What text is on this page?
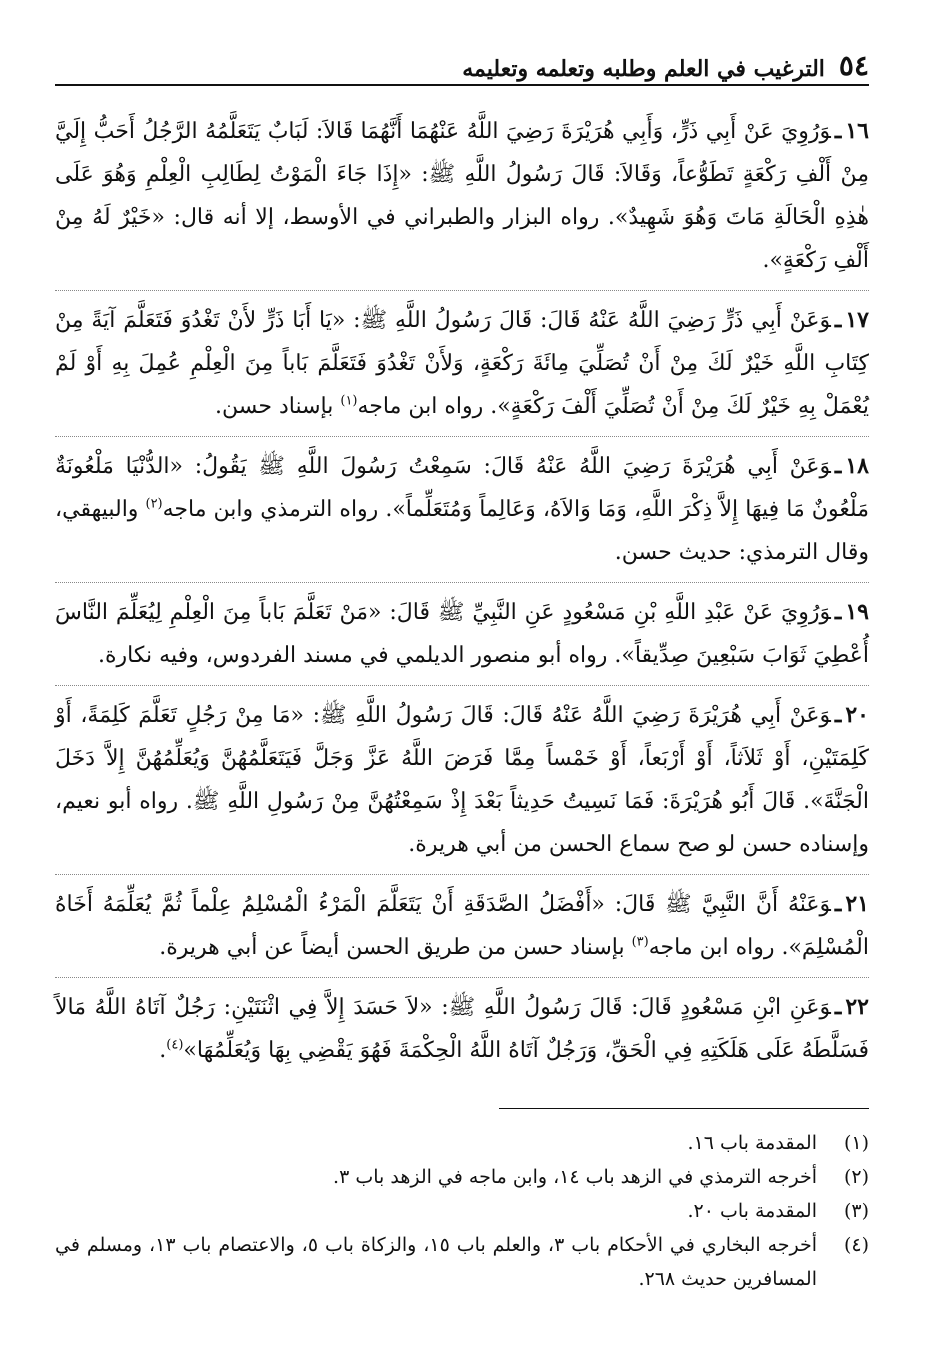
٥٤
الترغيب في العلم وطلبه وتعلمه وتعليمه

١٦ـوَرُوِيَ عَنْ أَبِي ذَرٍّ، وَأَبِي هُرَيْرَةَ رَضِيَ اللَّهُ عَنْهُمَا أَنَّهُمَا قَالاَ: لَبَابٌ يَتَعَلَّمُهُ الرَّجُلُ أَحَبُّ إِلَيَّ مِنْ أَلْفِ رَكْعَةٍ تَطَوُّعاً، وَقَالاَ: قَالَ رَسُولُ اللَّهِ ﷺ: «إِذَا جَاءَ الْمَوْتُ لِطَالِبِ الْعِلْمِ وَهُوَ عَلَى هٰذِهِ الْحَالَةِ مَاتَ وَهُوَ شَهِيدٌ». رواه البزار والطبراني في الأوسط، إلا أنه قال: «خَيْرٌ لَهُ مِنْ أَلْفِ رَكْعَةٍ».

١٧ـوَعَنْ أَبِي ذَرٍّ رَضِيَ اللَّهُ عَنْهُ قَالَ: قَالَ رَسُولُ اللَّهِ ﷺ: «يَا أَبَا ذَرٍّ لأَنْ تَغْدُوَ فَتَعَلَّمَ آيَةً مِنْ كِتَابِ اللَّهِ خَيْرٌ لَكَ مِنْ أَنْ تُصَلِّيَ مِائَةَ رَكْعَةٍ، وَلأَنْ تَغْدُوَ فَتَعَلَّمَ بَاباً مِنَ الْعِلْمِ عُمِلَ بِهِ أَوْ لَمْ يُعْمَلْ بِهِ خَيْرٌ لَكَ مِنْ أَنْ تُصَلِّيَ أَلْفَ رَكْعَةٍ». رواه ابن ماجه$^{(١)}$ بإسناد حسن.

١٨ـوَعَنْ أَبِي هُرَيْرَةَ رَضِيَ اللَّهُ عَنْهُ قَالَ: سَمِعْتُ رَسُولَ اللَّهِ ﷺ يَقُولُ: «الدُّنْيَا مَلْعُونَةٌ مَلْعُونٌ مَا فِيهَا إِلاَّ ذِكْرَ اللَّهِ، وَمَا وَالاَهُ، وَعَالِماً وَمُتَعَلِّماً». رواه الترمذي وابن ماجه$^{(٢)}$ والبيهقي، وقال الترمذي: حديث حسن.

١٩ـوَرُوِيَ عَنْ عَبْدِ اللَّهِ بْنِ مَسْعُودٍ عَنِ النَّبِيِّ ﷺ قَالَ: «مَنْ تَعَلَّمَ بَاباً مِنَ الْعِلْمِ لِيُعَلِّمَ النَّاسَ أُعْطِيَ ثَوَابَ سَبْعِينَ صِدِّيقاً». رواه أبو منصور الديلمي في مسند الفردوس، وفيه نكارة.

٢٠ـوَعَنْ أَبِي هُرَيْرَةَ رَضِيَ اللَّهُ عَنْهُ قَالَ: قَالَ رَسُولُ اللَّهِ ﷺ: «مَا مِنْ رَجُلٍ تَعَلَّمَ كَلِمَةً، أَوْ كَلِمَتَيْنِ، أَوْ ثَلاَثاً، أَوْ أَرْبَعاً، أَوْ خَمْساً مِمَّا فَرَضَ اللَّهُ عَزَّ وَجَلَّ فَيَتَعَلَّمُهُنَّ وَيُعَلِّمُهُنَّ إِلاَّ دَخَلَ الْجَنَّةَ». قَالَ أَبُو هُرَيْرَةَ: فَمَا نَسِيتُ حَدِيثاً بَعْدَ إِذْ سَمِعْتُهُنَّ مِنْ رَسُولِ اللَّهِ ﷺ. رواه أبو نعيم، وإسناده حسن لو صح سماع الحسن من أبي هريرة.

٢١ـوَعَنْهُ أَنَّ النَّبِيَّ ﷺ قَالَ: «أَفْضَلُ الصَّدَقَةِ أَنْ يَتَعَلَّمَ الْمَرْءُ الْمُسْلِمُ عِلْماً ثُمَّ يُعَلِّمَهُ أَخَاهُ الْمُسْلِمَ». رواه ابن ماجه$^{(٣)}$ بإسناد حسن من طريق الحسن أيضاً عن أبي هريرة.

٢٢ـوَعَنِ ابْنِ مَسْعُودٍ قَالَ: قَالَ رَسُولُ اللَّهِ ﷺ: «لاَ حَسَدَ إِلاَّ فِي اثْنَتَيْنِ: رَجُلٌ آتَاهُ اللَّهُ مَالاً فَسَلَّطَهُ عَلَى هَلَكَتِهِ فِي الْحَقِّ، وَرَجُلٌ آتَاهُ اللَّهُ الْحِكْمَةَ فَهُوَ يَقْضِي بِهَا وَيُعَلِّمُهَا»$^{(٤)}$.

(١)
المقدمة باب ١٦.
(٢)
أخرجه الترمذي في الزهد باب ١٤، وابن ماجه في الزهد باب ٣.
(٣)
المقدمة باب ٢٠.
(٤)
أخرجه البخاري في الأحكام باب ٣، والعلم باب ١٥، والزكاة باب ٥، والاعتصام باب ١٣، ومسلم في المسافرين حديث ٢٦٨.
